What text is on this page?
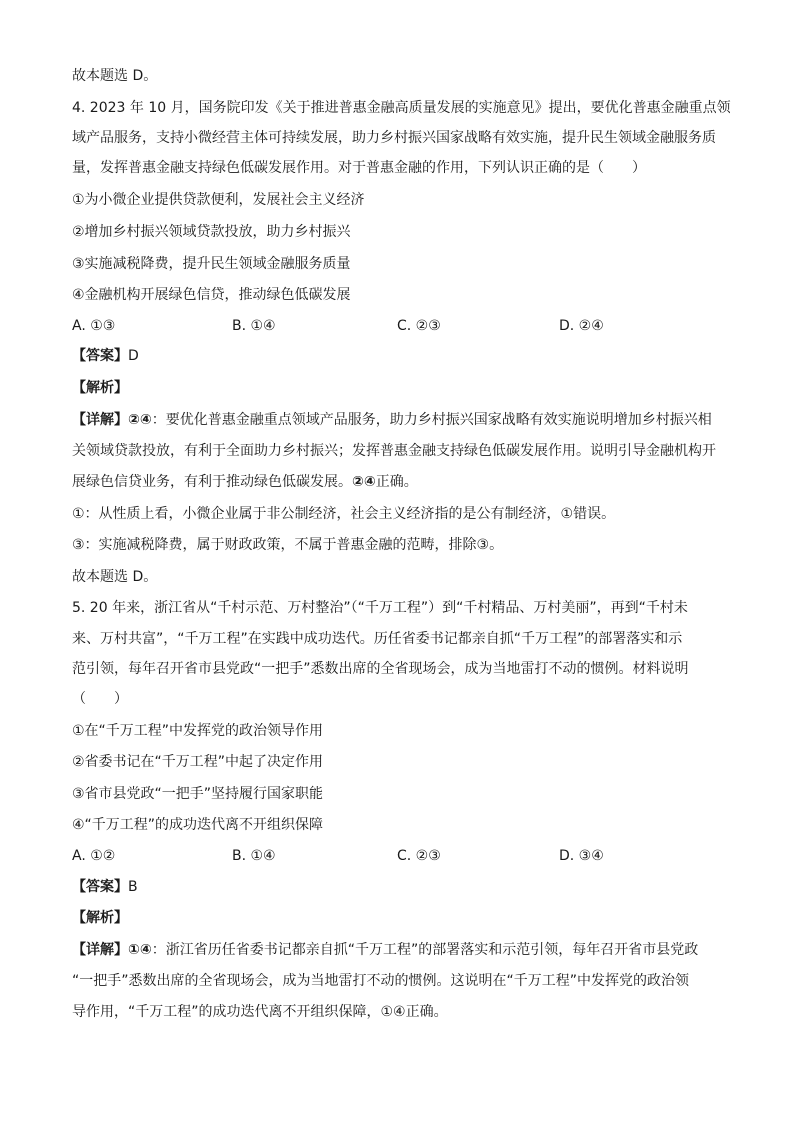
故本题选 D。
4. 2023 年 10 月，国务院印发《关于推进普惠金融高质量发展的实施意见》提出，要优化普惠金融重点领
域产品服务，支持小微经营主体可持续发展，助力乡村振兴国家战略有效实施，提升民生领域金融服务质
量，发挥普惠金融支持绿色低碳发展作用。对于普惠金融的作用，下列认识正确的是（　　）
①为小微企业提供贷款便利，发展社会主义经济
②增加乡村振兴领域贷款投放，助力乡村振兴
③实施减税降费，提升民生领域金融服务质量
④金融机构开展绿色信贷，推动绿色低碳发展
A. ①③	B. ①④	C. ②③	D. ②④
【答案】D
【解析】
【详解】②④：要优化普惠金融重点领域产品服务，助力乡村振兴国家战略有效实施说明增加乡村振兴相
关领域贷款投放，有利于全面助力乡村振兴；发挥普惠金融支持绿色低碳发展作用。说明引导金融机构开
展绿色信贷业务，有利于推动绿色低碳发展。②④正确。
①：从性质上看，小微企业属于非公制经济，社会主义经济指的是公有制经济，①错误。
③：实施减税降费，属于财政政策，不属于普惠金融的范畴，排除③。
故本题选 D。
5. 20 年来，浙江省从“千村示范、万村整治”（“千万工程”）到“千村精品、万村美丽”，再到“千村未
来、万村共富”，“千万工程”在实践中成功迭代。历任省委书记都亲自抓“千万工程”的部署落实和示
范引领，每年召开省市县党政“一把手”悉数出席的全省现场会，成为当地雷打不动的惯例。材料说明
（　　）
①在“千万工程”中发挥党的政治领导作用
②省委书记在“千万工程”中起了决定作用
③省市县党政“一把手”坚持履行国家职能
④“千万工程”的成功迭代离不开组织保障
A. ①②	B. ①④	C. ②③	D. ③④
【答案】B
【解析】
【详解】①④：浙江省历任省委书记都亲自抓“千万工程”的部署落实和示范引领，每年召开省市县党政
“一把手”悉数出席的全省现场会，成为当地雷打不动的惯例。这说明在“千万工程”中发挥党的政治领
导作用，“千万工程”的成功迭代离不开组织保障，①④正确。
